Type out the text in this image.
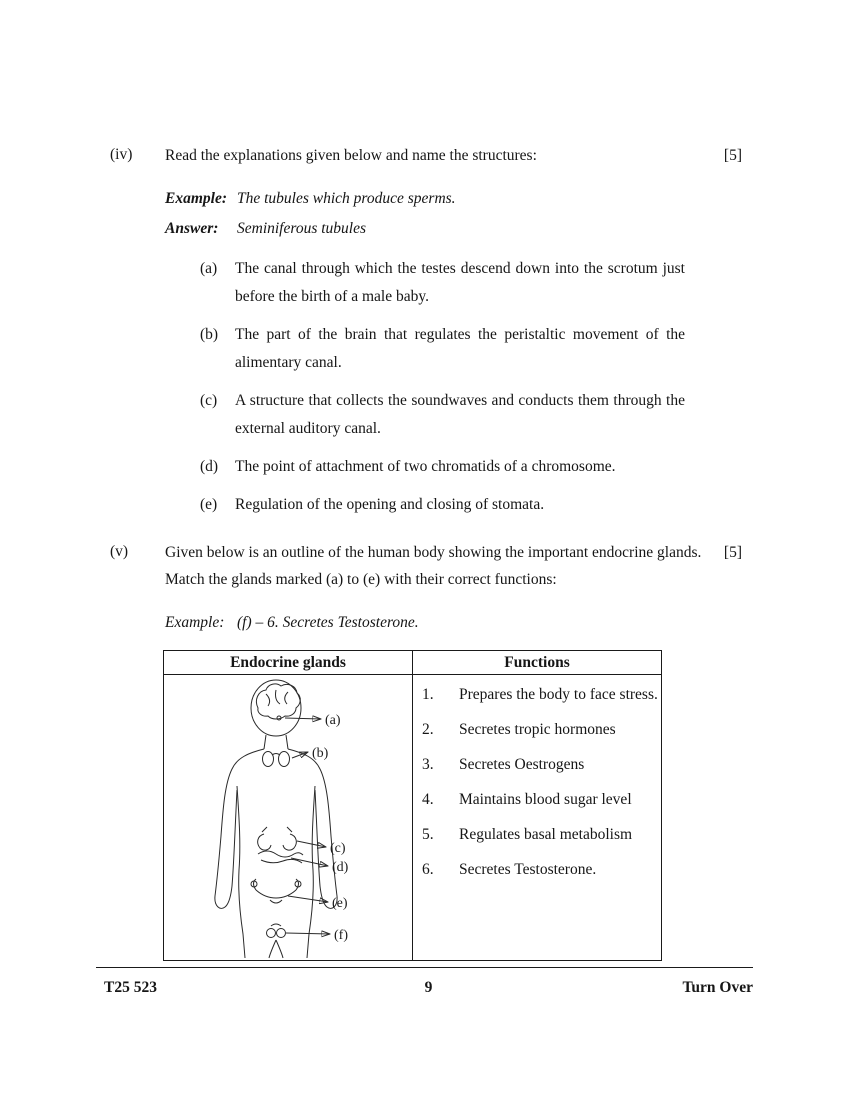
(iv)	Read the explanations given below and name the structures:	[5]
Example: The tubules which produce sperms.
Answer:	Seminiferous tubules
(a)	The canal through which the testes descend down into the scrotum just before the birth of a male baby.
(b)	The part of the brain that regulates the peristaltic movement of the alimentary canal.
(c)	A structure that collects the soundwaves and conducts them through the external auditory canal.
(d)	The point of attachment of two chromatids of a chromosome.
(e)	Regulation of the opening and closing of stomata.
(v)	Given below is an outline of the human body showing the important endocrine glands. Match the glands marked (a) to (e) with their correct functions:
[5]
Example: (f) – 6. Secretes Testosterone.
Endocrine glands	Functions

(a)
(b)
(c)
(d)
(e)
(f)

1.	Prepares the body to face stress.
2.	Secretes tropic hormones
3.	Secretes Oestrogens
4.	Maintains blood sugar level
5.	Regulates basal metabolism
6.	Secretes Testosterone.
T25 523	9	Turn Over
